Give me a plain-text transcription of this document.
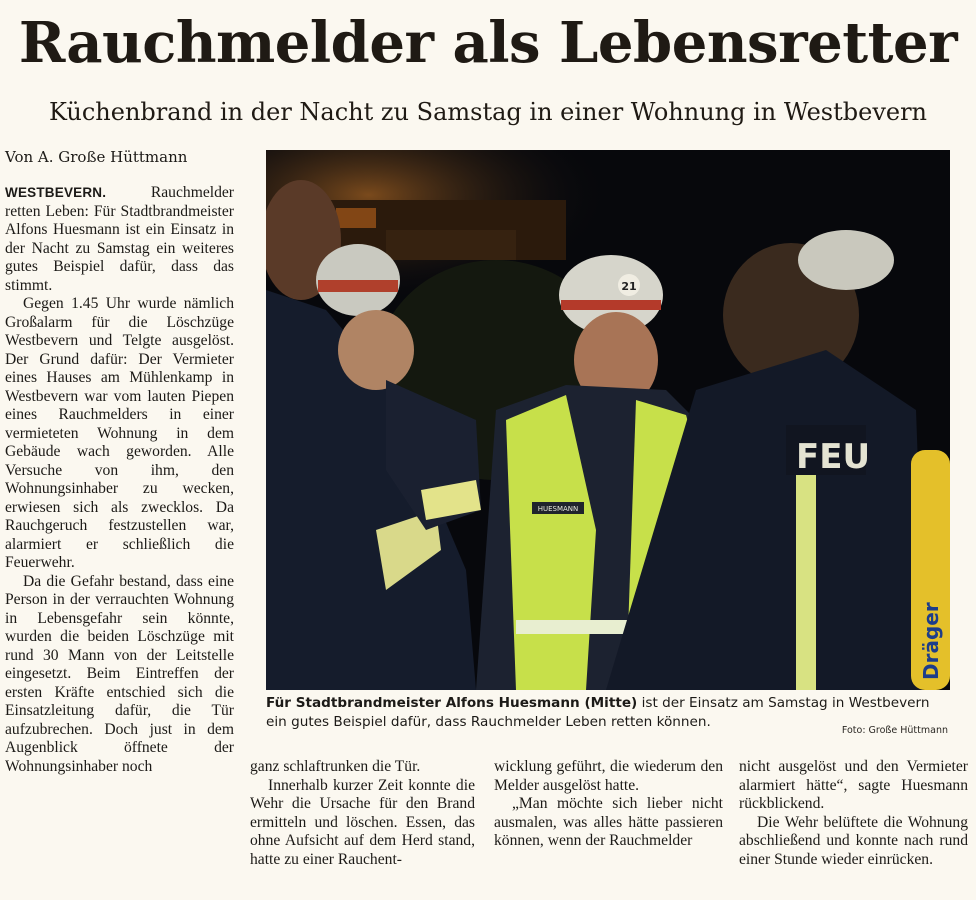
Rauchmelder als Lebensretter
Küchenbrand in der Nacht zu Samstag in einer Wohnung in Westbevern
Von A. Große Hüttmann

WESTBEVERN.	Rauchmelder retten Leben: Für Stadtbrandmeister Alfons Huesmann ist ein Einsatz in der Nacht zu Samstag ein weiteres gutes Beispiel dafür, dass das stimmt.

Gegen 1.45 Uhr wurde nämlich Großalarm für die Löschzüge Westbevern und Telgte ausgelöst. Der Grund dafür: Der Vermieter eines Hauses am Mühlenkamp in Westbevern war vom lauten Piepen eines Rauchmelders in einer vermieteten Wohnung in dem Gebäude wach geworden. Alle Versuche von ihm, den Wohnungsinhaber zu wecken, erwiesen sich als zwecklos. Da Rauchgeruch festzustellen war, alarmiert er schließlich die Feuerwehr.

Da die Gefahr bestand, dass eine Person in der verrauchten Wohnung in Lebensgefahr sein könnte, wurden die beiden Löschzüge mit rund 30 Mann von der Leitstelle eingesetzt. Beim Eintreffen der ersten Kräfte entschied sich die Einsatzleitung dafür, die Tür aufzubrechen. Doch just in dem Augenblick öffnete der Wohnungsinhaber noch

21
HUESMANN
FEU
Dräger
Für Stadtbrandmeister Alfons Huesmann (Mitte) ist der Einsatz am Samstag in Westbevern ein gutes Beispiel dafür, dass Rauchmelder Leben retten können.
Foto: Große Hüttmann

ganz schlaftrunken die Tür.

Innerhalb kurzer Zeit konnte die Wehr die Ursache für den Brand ermitteln und löschen. Essen, das ohne Aufsicht auf dem Herd stand, hatte zu einer Rauchent-

wicklung geführt, die wiederum den Melder ausgelöst hatte.

„Man möchte sich lieber nicht ausmalen, was alles hätte passieren können, wenn der Rauchmelder

nicht ausgelöst und den Vermieter alarmiert hätte“, sagte Huesmann rückblickend.

Die Wehr belüftete die Wohnung abschließend und konnte nach rund einer Stunde wieder einrücken.
